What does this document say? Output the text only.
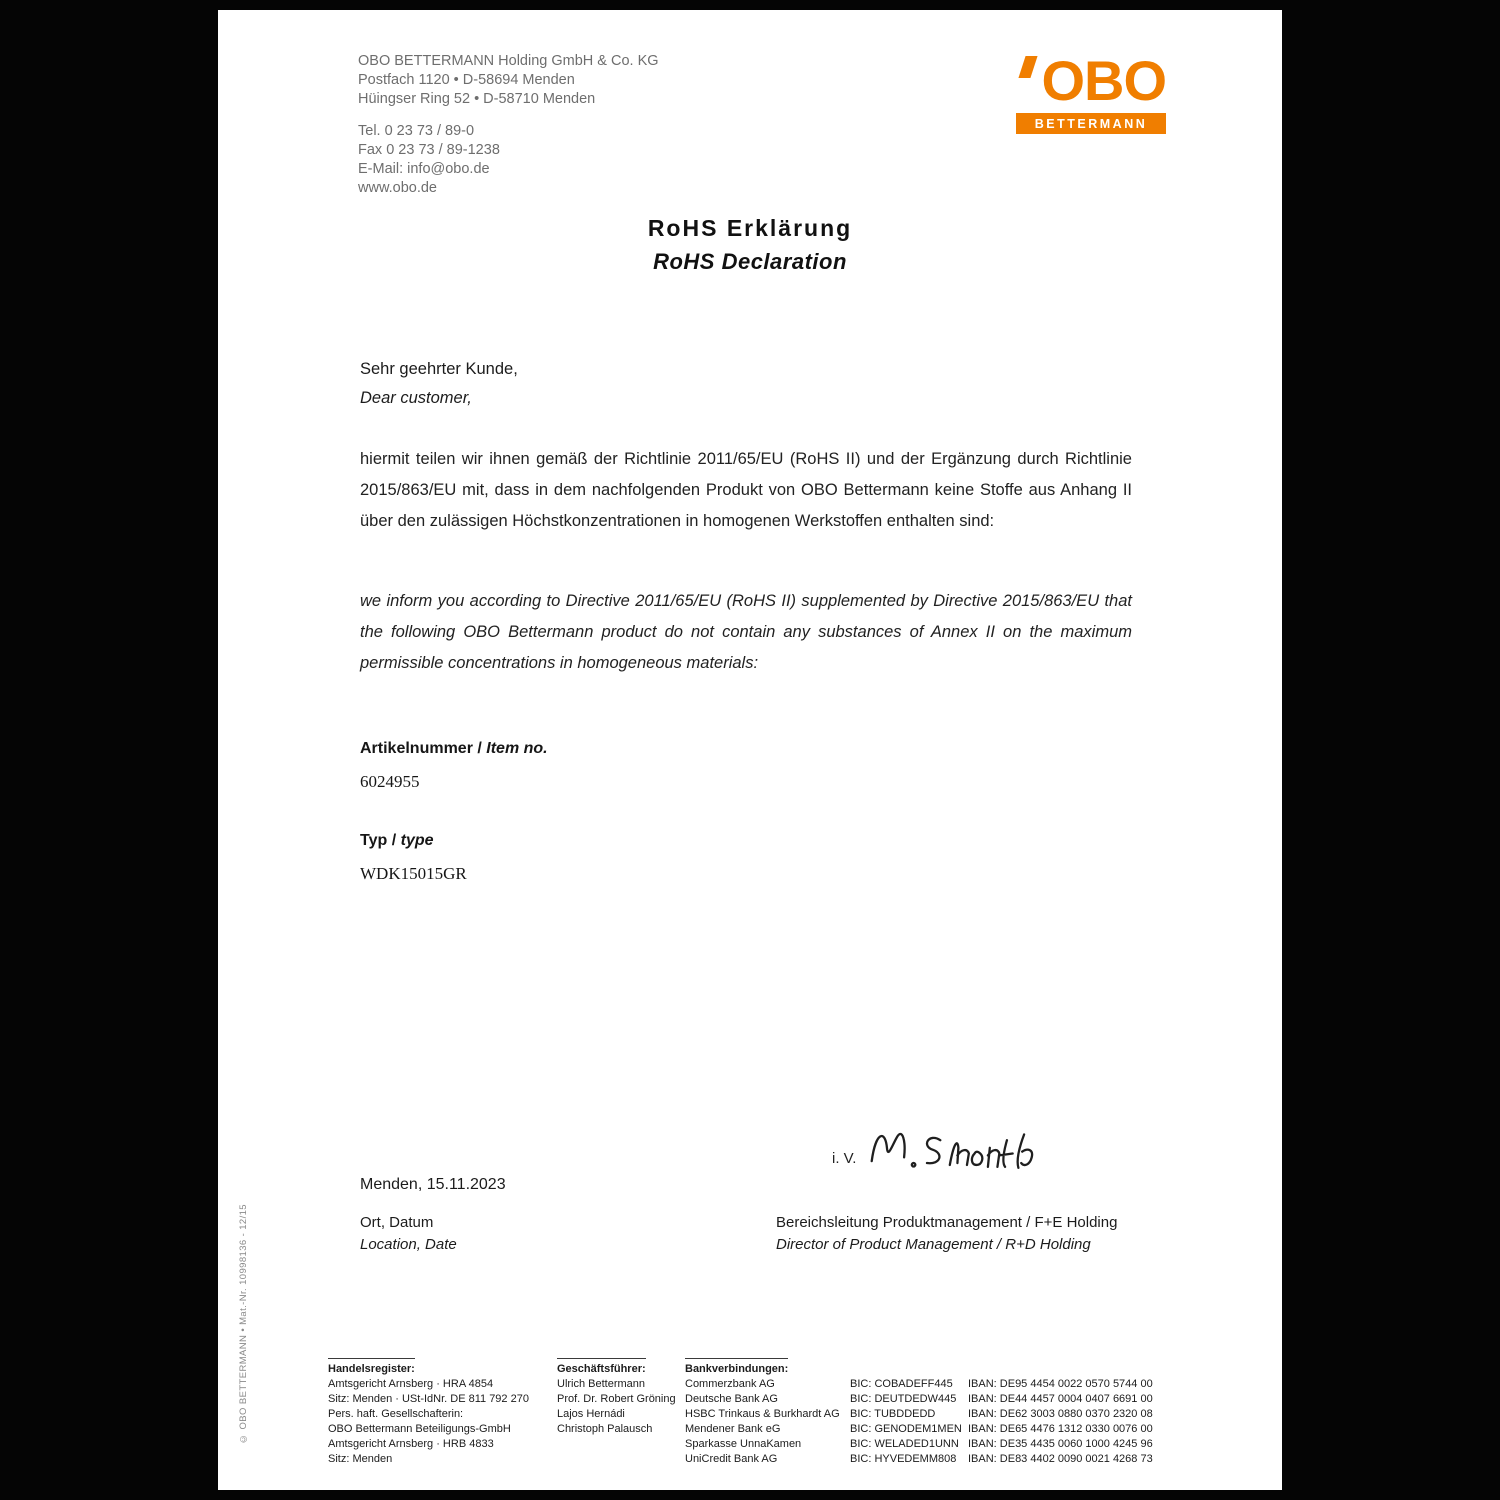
OBO BETTERMANN Holding GmbH & Co. KG
Postfach 1120 • D-58694 Menden
Hüingser Ring 52 • D-58710 Menden
Tel. 0 23 73 / 89-0
Fax 0 23 73 / 89-1238
E-Mail: info@obo.de
www.obo.de
OBO
BETTERMANN
RoHS Erklärung
RoHS Declaration
Sehr geehrter Kunde,
Dear customer,
hiermit teilen wir ihnen gemäß der Richtlinie 2011/65/EU (RoHS II) und der Ergänzung durch Richtlinie 2015/863/EU mit, dass in dem nachfolgenden Produkt von OBO Bettermann keine Stoffe aus Anhang II über den zulässigen Höchstkonzentrationen in homogenen Werkstoffen enthalten sind:
we inform you according to Directive 2011/65/EU (RoHS II) supplemented by Directive 2015/863/EU that the following OBO Bettermann product do not contain any substances of Annex II on the maximum permissible concentrations in homogeneous materials:
Artikelnummer / Item no.
6024955
Typ / type
WDK15015GR
i. V.
Menden, 15.11.2023
Ort, Datum
Location, Date
Bereichsleitung Produktmanagement / F+E Holding
Director of Product Management / R+D Holding
© OBO BETTERMANN • Mat.-Nr. 10998136 - 12/15	Handelsregister:
Amtsgericht Arnsberg · HRA 4854
Sitz: Menden · USt-IdNr. DE 811 792 270
Pers. haft. Gesellschafterin:
OBO Bettermann Beteiligungs-GmbH
Amtsgericht Arnsberg · HRB 4833
Sitz: Menden
Geschäftsführer:
Ulrich Bettermann
Prof. Dr. Robert Gröning
Lajos Hernádi
Christoph Palausch
Bankverbindungen:
Commerzbank AG
Deutsche Bank AG
HSBC Trinkaus & Burkhardt AG
Mendener Bank eG
Sparkasse UnnaKamen
UniCredit Bank AG
BIC: COBADEFF445
BIC: DEUTDEDW445
BIC: TUBDDEDD
BIC: GENODEM1MEN
BIC: WELADED1UNN
BIC: HYVEDEMM808
IBAN: DE95 4454 0022 0570 5744 00
IBAN: DE44 4457 0004 0407 6691 00
IBAN: DE62 3003 0880 0370 2320 08
IBAN: DE65 4476 1312 0330 0076 00
IBAN: DE35 4435 0060 1000 4245 96
IBAN: DE83 4402 0090 0021 4268 73
